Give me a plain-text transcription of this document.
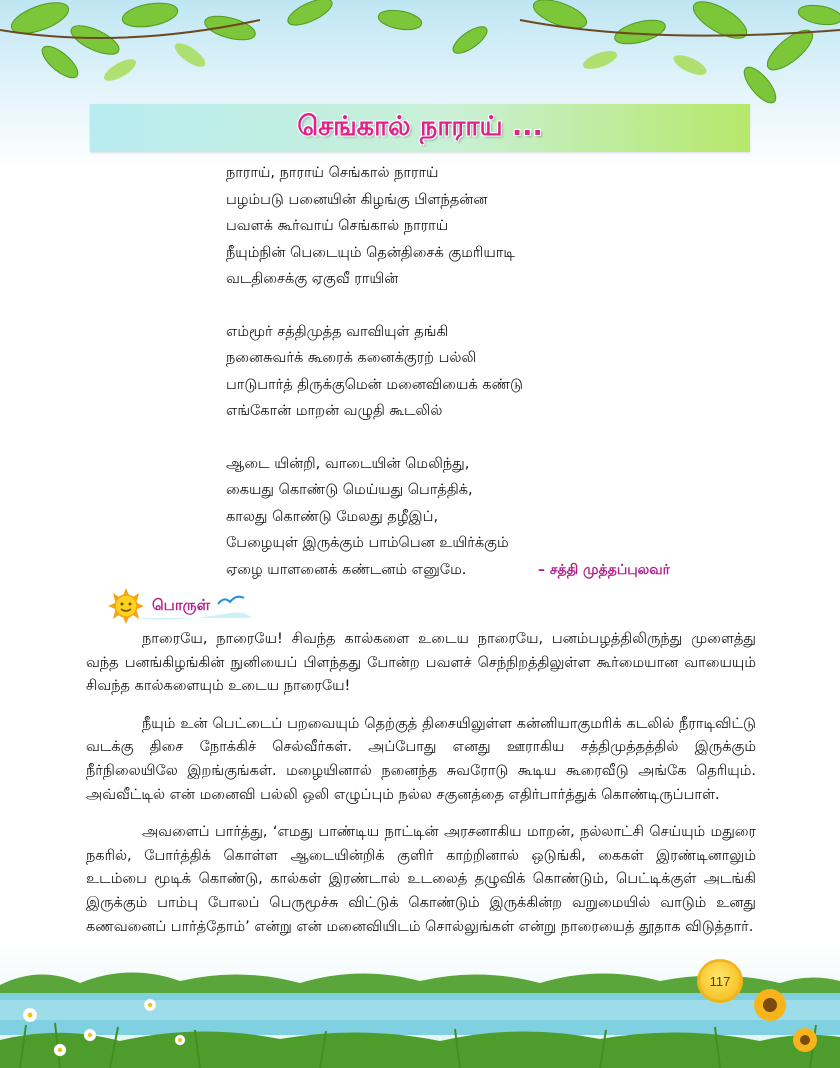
செங்கால் நாராய் ...
நாராய், நாராய் செங்கால் நாராய்
பழம்படு பனையின் கிழங்கு பிளந்தன்ன
பவளக் கூர்வாய் செங்கால் நாராய்
நீயும்நின் பெடையும் தென்திசைக் குமரியாடி
வடதிசைக்கு ஏகுவீ ராயின்
எம்மூர் சத்திமுத்த வாவியுள் தங்கி
நனைசுவர்க் கூரைக் கனைக்குரற் பல்லி
பாடுபார்த் திருக்குமென் மனைவியைக் கண்டு
எங்கோன் மாறன் வழுதி கூடலில்
ஆடை யின்றி, வாடையின் மெலிந்து,
கையது கொண்டு மெய்யது பொத்திக்,
காலது கொண்டு மேலது தழீஇப்,
பேழையுள் இருக்கும் பாம்பென உயிர்க்கும்
ஏழை யாளனைக் கண்டனம் எனுமே.	– சத்தி முத்தப்புலவர்
பொருள்

நாரையே, நாரையே! சிவந்த கால்களை உடைய நாரையே, பனம்பழத்திலிருந்து முளைத்து வந்த பனங்கிழங்கின் நுனியைப் பிளந்தது போன்ற பவளச் செந்நிறத்திலுள்ள கூர்மையான வாயையும் சிவந்த கால்களையும் உடைய நாரையே!

நீயும் உன் பெட்டைப் பறவையும் தெற்குத் திசையிலுள்ள கன்னியாகுமரிக் கடலில் நீராடிவிட்டு வடக்கு திசை நோக்கிச் செல்வீர்கள். அப்போது எனது ஊராகிய சத்திமுத்தத்தில் இருக்கும் நீர்நிலையிலே இறங்குங்கள். மழையினால் நனைந்த சுவரோடு கூடிய கூரைவீடு அங்கே தெரியும். அவ்வீட்டில் என் மனைவி பல்லி ஒலி எழுப்பும் நல்ல சகுனத்தை எதிர்பார்த்துக் கொண்டிருப்பாள்.

அவளைப் பார்த்து, ‘எமது பாண்டிய நாட்டின் அரசனாகிய மாறன், நல்லாட்சி செய்யும் மதுரை நகரில், போர்த்திக் கொள்ள ஆடையின்றிக் குளிர் காற்றினால் ஒடுங்கி, கைகள் இரண்டினாலும் உடம்பை மூடிக் கொண்டு, கால்கள் இரண்டால் உடலைத் தழுவிக் கொண்டும், பெட்டிக்குள் அடங்கி இருக்கும் பாம்பு போலப் பெருமூச்சு விட்டுக் கொண்டும் இருக்கின்ற வறுமையில் வாடும் உனது கணவனைப் பார்த்தோம்’ என்று என் மனைவியிடம் சொல்லுங்கள் என்று நாரையைத் தூதாக விடுத்தார்.

117
